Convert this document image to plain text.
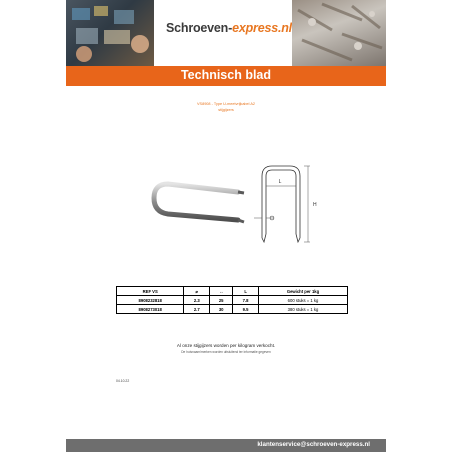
Schroeven-express.nl
Technisch blad
VS8908 - Type U-meetvrijkabel A2
stijgijzers
L
H
REF VS	⌀	↔	L	Gewicht per 1kg
8908232818	2.3	25	7.8	600 stuks = 1 kg
8908273018	2.7	30	9.5	380 stuks = 1 kg
Al onze stijgijzers worden per kilogram verkocht.
De huisnaam/merken worden uitsluitend ter informatie gegeven
04.10.22
klantenservice@schroeven-express.nl
